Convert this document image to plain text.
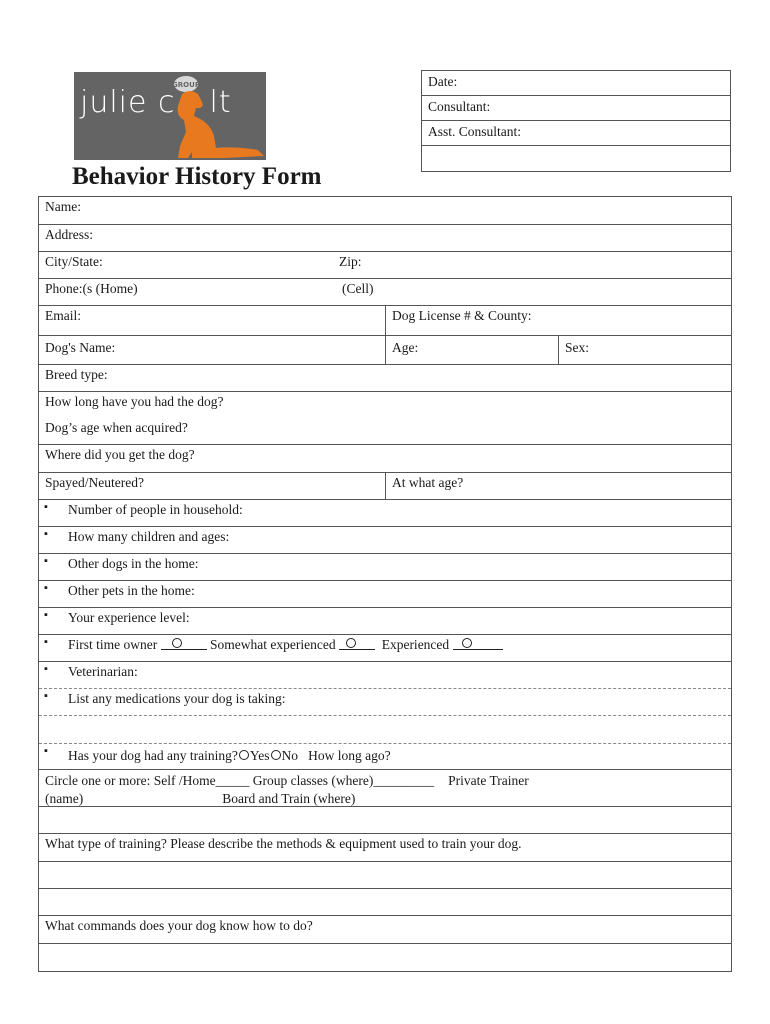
julie c lt
GROUP	Date:
Consultant:
Asst. Consultant:
Behavior History Form
Name:
Address:
City/State:	Zip:
Phone:(s (Home)	(Cell)
Email:	Dog License # & County:
Dog's Name:	Age:	Sex:
Breed type:
How long have you had the dog?
Dog’s age when acquired?
Where did you get the dog?
Spayed/Neutered?	At what age?
▪ Number of people in household:
▪ How many children and ages:
▪ Other dogs in the home:
▪ Other pets in the home:
▪ Your experience level:
▪ First time owner	Somewhat experienced	Experienced
▪ Veterinarian:
▪ List any medications your dog is taking:
▪ Has your dog had any training? Yes No How long ago?
Circle one or more: Self /Home_____ Group classes (where)_________ Private Trainer
(name)	Board and Train (where)
What type of training? Please describe the methods & equipment used to train your dog.
What commands does your dog know how to do?
